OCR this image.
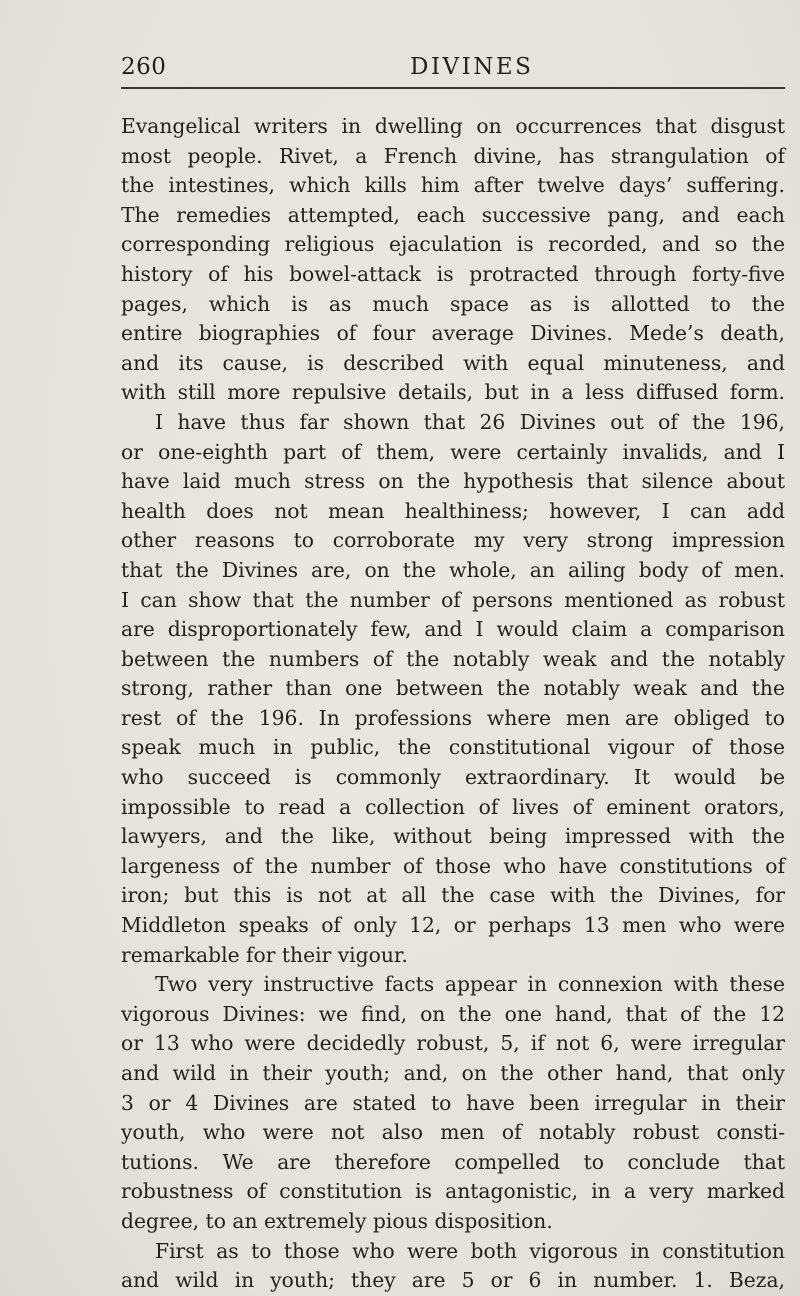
260	DIVINES
Evangelical writers in dwelling on occurrences that disgust
most people. Rivet, a French divine, has strangulation of
the intestines, which kills him after twelve days’ suffering.
The remedies attempted, each successive pang, and each
corresponding religious ejaculation is recorded, and so the
history of his bowel-attack is protracted through forty-five
pages, which is as much space as is allotted to the
entire biographies of four average Divines. Mede’s death,
and its cause, is described with equal minuteness, and
with still more repulsive details, but in a less diffused form.
I have thus far shown that 26 Divines out of the 196,
or one-eighth part of them, were certainly invalids, and I
have laid much stress on the hypothesis that silence about
health does not mean healthiness; however, I can add
other reasons to corroborate my very strong impression
that the Divines are, on the whole, an ailing body of men.
I can show that the number of persons mentioned as robust
are disproportionately few, and I would claim a comparison
between the numbers of the notably weak and the notably
strong, rather than one between the notably weak and the
rest of the 196. In professions where men are obliged to
speak much in public, the constitutional vigour of those
who succeed is commonly extraordinary. It would be
impossible to read a collection of lives of eminent orators,
lawyers, and the like, without being impressed with the
largeness of the number of those who have constitutions of
iron; but this is not at all the case with the Divines, for
Middleton speaks of only 12, or perhaps 13 men who were
remarkable for their vigour.
Two very instructive facts appear in connexion with these
vigorous Divines: we find, on the one hand, that of the 12
or 13 who were decidedly robust, 5, if not 6, were irregular
and wild in their youth; and, on the other hand, that only
3 or 4 Divines are stated to have been irregular in their
youth, who were not also men of notably robust consti-
tutions. We are therefore compelled to conclude that
robustness of constitution is antagonistic, in a very marked
degree, to an extremely pious disposition.
First as to those who were both vigorous in constitution
and wild in youth; they are 5 or 6 in number. 1. Beza,
